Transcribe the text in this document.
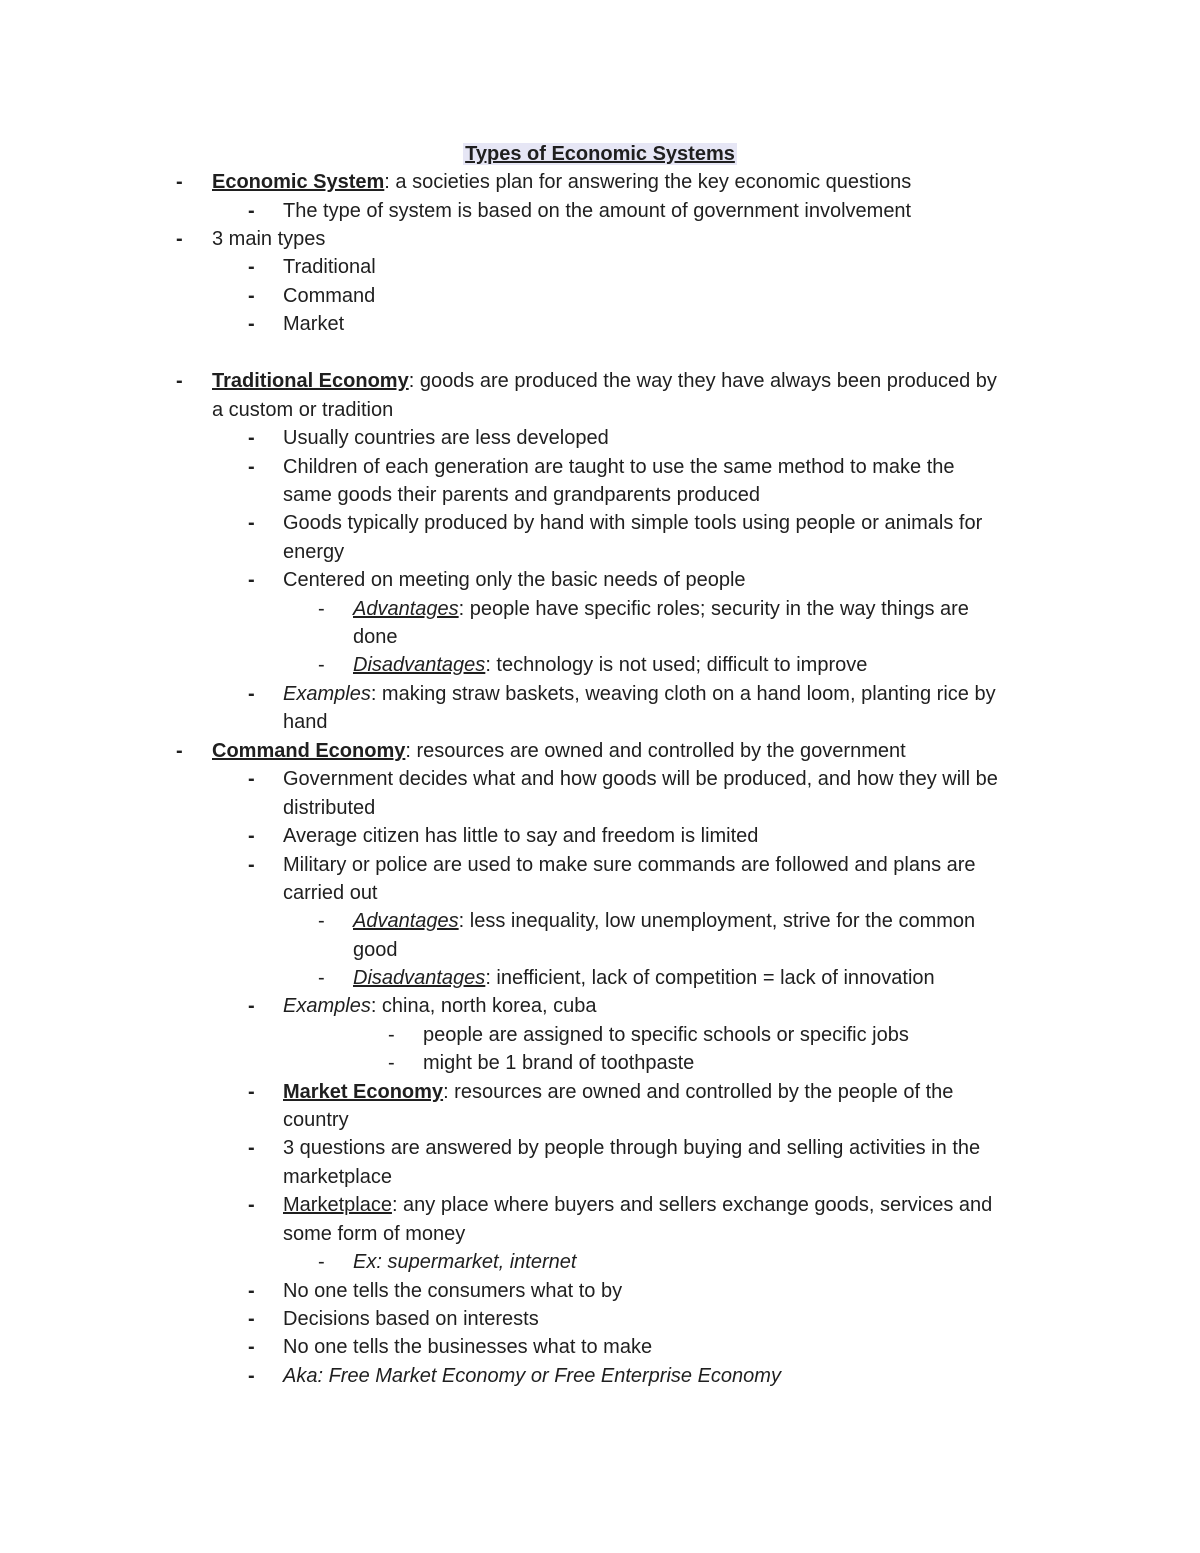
Types of Economic Systems
- Economic System: a societies plan for answering the key economic questions
- The type of system is based on the amount of government involvement
- 3 main types
- Traditional
- Command
- Market
- Traditional Economy: goods are produced the way they have always been produced by
a custom or tradition
- Usually countries are less developed
- Children of each generation are taught to use the same method to make the
same goods their parents and grandparents produced
- Goods typically produced by hand with simple tools using people or animals for
energy
- Centered on meeting only the basic needs of people
- Advantages: people have specific roles; security in the way things are
done
- Disadvantages: technology is not used; difficult to improve
- Examples: making straw baskets, weaving cloth on a hand loom, planting rice by
hand
- Command Economy: resources are owned and controlled by the government
- Government decides what and how goods will be produced, and how they will be
distributed
- Average citizen has little to say and freedom is limited
- Military or police are used to make sure commands are followed and plans are
carried out
- Advantages: less inequality, low unemployment, strive for the common
good
- Disadvantages: inefficient, lack of competition = lack of innovation
- Examples: china, north korea, cuba
- people are assigned to specific schools or specific jobs
- might be 1 brand of toothpaste
- Market Economy: resources are owned and controlled by the people of the
country
- 3 questions are answered by people through buying and selling activities in the
marketplace
- Marketplace: any place where buyers and sellers exchange goods, services and
some form of money
- Ex: supermarket, internet
- No one tells the consumers what to by
- Decisions based on interests
- No one tells the businesses what to make
- Aka: Free Market Economy or Free Enterprise Economy
